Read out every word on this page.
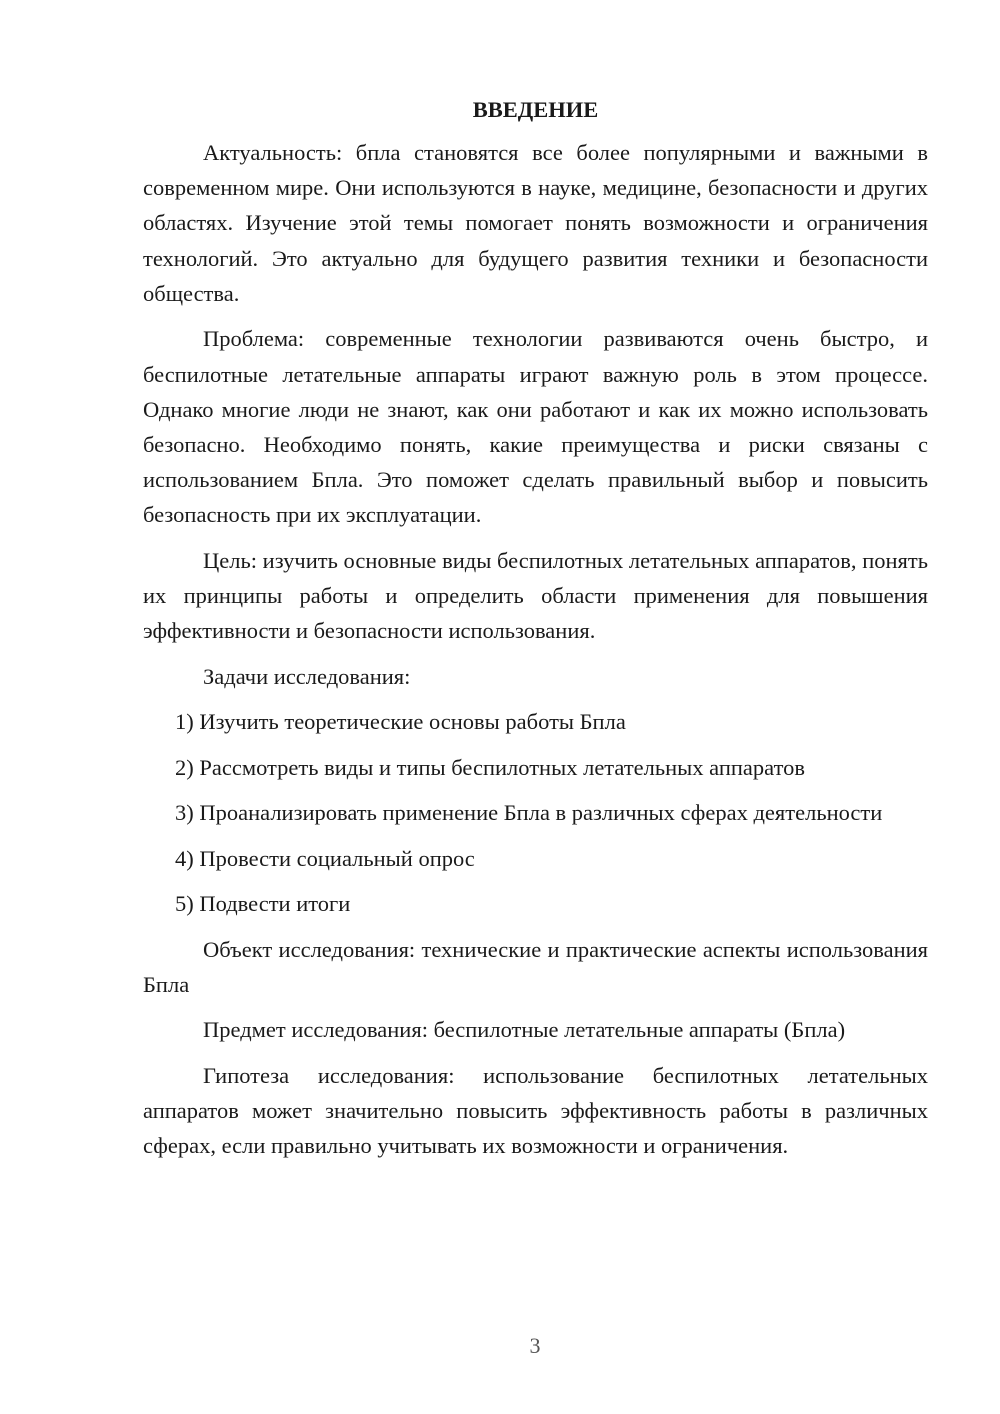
ВВЕДЕНИЕ

Актуальность: бпла становятся все более популярными и важными в современном мире. Они используются в науке, медицине, безопасности и других областях. Изучение этой темы помогает понять возможности и ограничения технологий. Это актуально для будущего развития техники и безопасности общества.

Проблема: современные технологии развиваются очень быстро, и беспилотные летательные аппараты играют важную роль в этом процессе. Однако многие люди не знают, как они работают и как их можно использовать безопасно. Необходимо понять, какие преимущества и риски связаны с использованием Бпла. Это поможет сделать правильный выбор и повысить безопасность при их эксплуатации.

Цель: изучить основные виды беспилотных летательных аппаратов, понять их принципы работы и определить области применения для повышения эффективности и безопасности использования.

Задачи исследования:

1) Изучить теоретические основы работы Бпла

2) Рассмотреть виды и типы беспилотных летательных аппаратов

3) Проанализировать применение Бпла в различных сферах деятельности

4) Провести социальный опрос

5) Подвести итоги

Объект исследования: технические и практические аспекты использования Бпла

Предмет исследования: беспилотные летательные аппараты (Бпла)

Гипотеза исследования: использование беспилотных летательных аппаратов может значительно повысить эффективность работы в различных сферах, если правильно учитывать их возможности и ограничения.

3
